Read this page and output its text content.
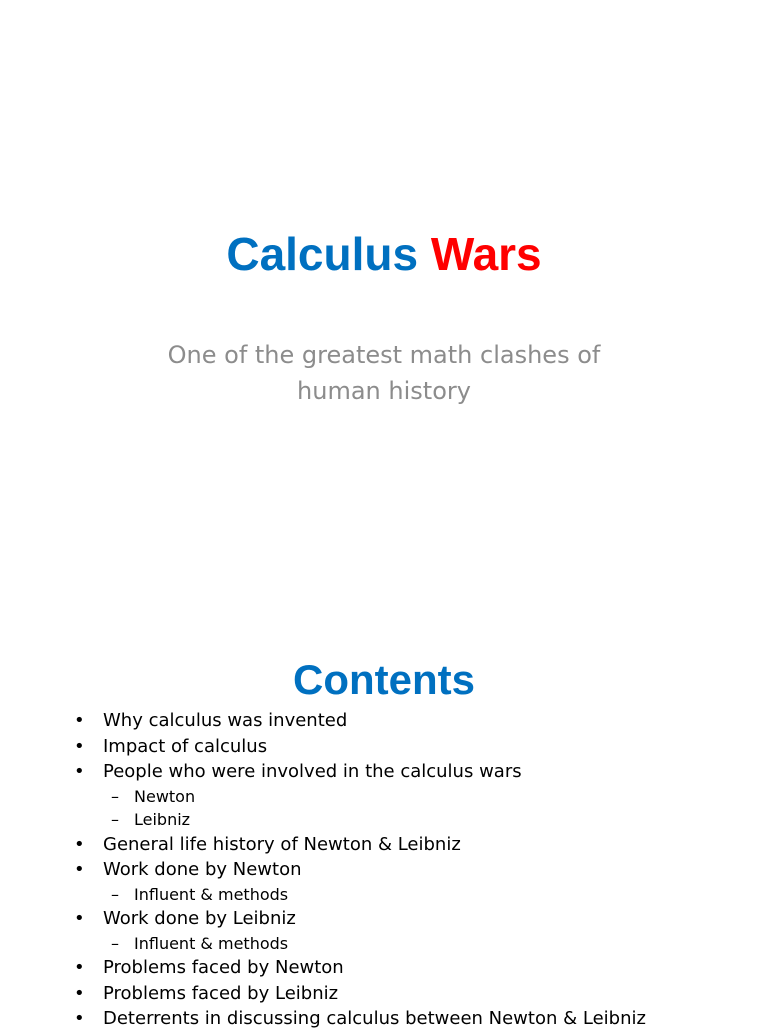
Calculus Wars
One of the greatest math clashes of
human history
Contents
• Why calculus was invented
• Impact of calculus
• People who were involved in the calculus wars
– Newton
– Leibniz
• General life history of Newton & Leibniz
• Work done by Newton
– Influent & methods
• Work done by Leibniz
– Influent & methods
• Problems faced by Newton
• Problems faced by Leibniz
• Deterrents in discussing calculus between Newton & Leibniz
